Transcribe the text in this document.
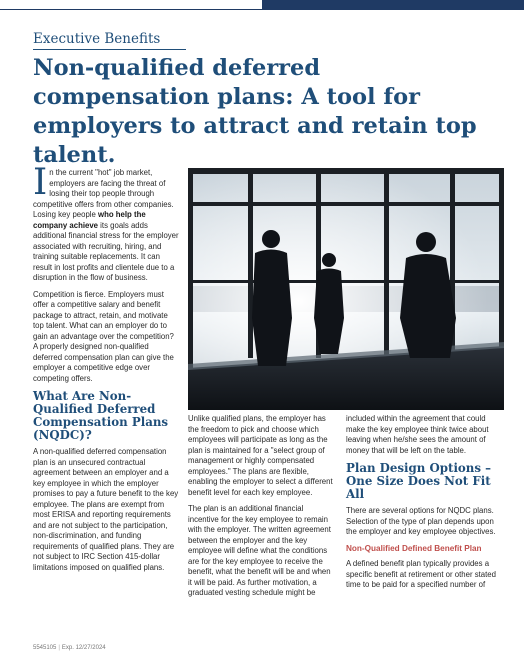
Executive Benefits
Non-qualified deferred compensation plans: A tool for employers to attract and retain top talent.

In the current "hot" job market, employers are facing the threat of losing their top people through competitive offers from other companies. Losing key people who help the company achieve its goals adds additional financial stress for the employer associated with recruiting, hiring, and training suitable replacements. It can result in lost profits and clientele due to a disruption in the flow of business.

Competition is fierce. Employers must offer a competitive salary and benefit package to attract, retain, and motivate top talent. What can an employer do to gain an advantage over the competition? A properly designed non-qualified deferred compensation plan can give the employer a competitive edge over competing offers.

What Are Non-Qualified Deferred Compensation Plans (NQDC)?

A non-qualified deferred compensation plan is an unsecured contractual agreement between an employer and a key employee in which the employer promises to pay a future benefit to the key employee. The plans are exempt from most ERISA and reporting requirements and are not subject to the participation, non-discrimination, and funding requirements of qualified plans. They are not subject to IRC Section 415-dollar limitations imposed on qualified plans.

Unlike qualified plans, the employer has the freedom to pick and choose which employees will participate as long as the plan is maintained for a "select group of management or highly compensated employees." The plans are flexible, enabling the employer to select a different benefit level for each key employee.

The plan is an additional financial incentive for the key employee to remain with the employer. The written agreement between the employer and the key employee will define what the conditions are for the key employee to receive the benefit, what the benefit will be and when it will be paid. As further motivation, a graduated vesting schedule might be

included within the agreement that could make the key employee think twice about leaving when he/she sees the amount of money that will be left on the table.

Plan Design Options – One Size Does Not Fit All

There are several options for NQDC plans. Selection of the type of plan depends upon the employer and key employee objectives.

Non-Qualified Defined Benefit Plan

A defined benefit plan typically provides a specific benefit at retirement or other stated time to be paid for a specified number of

5545105 | Exp. 12/27/2024
